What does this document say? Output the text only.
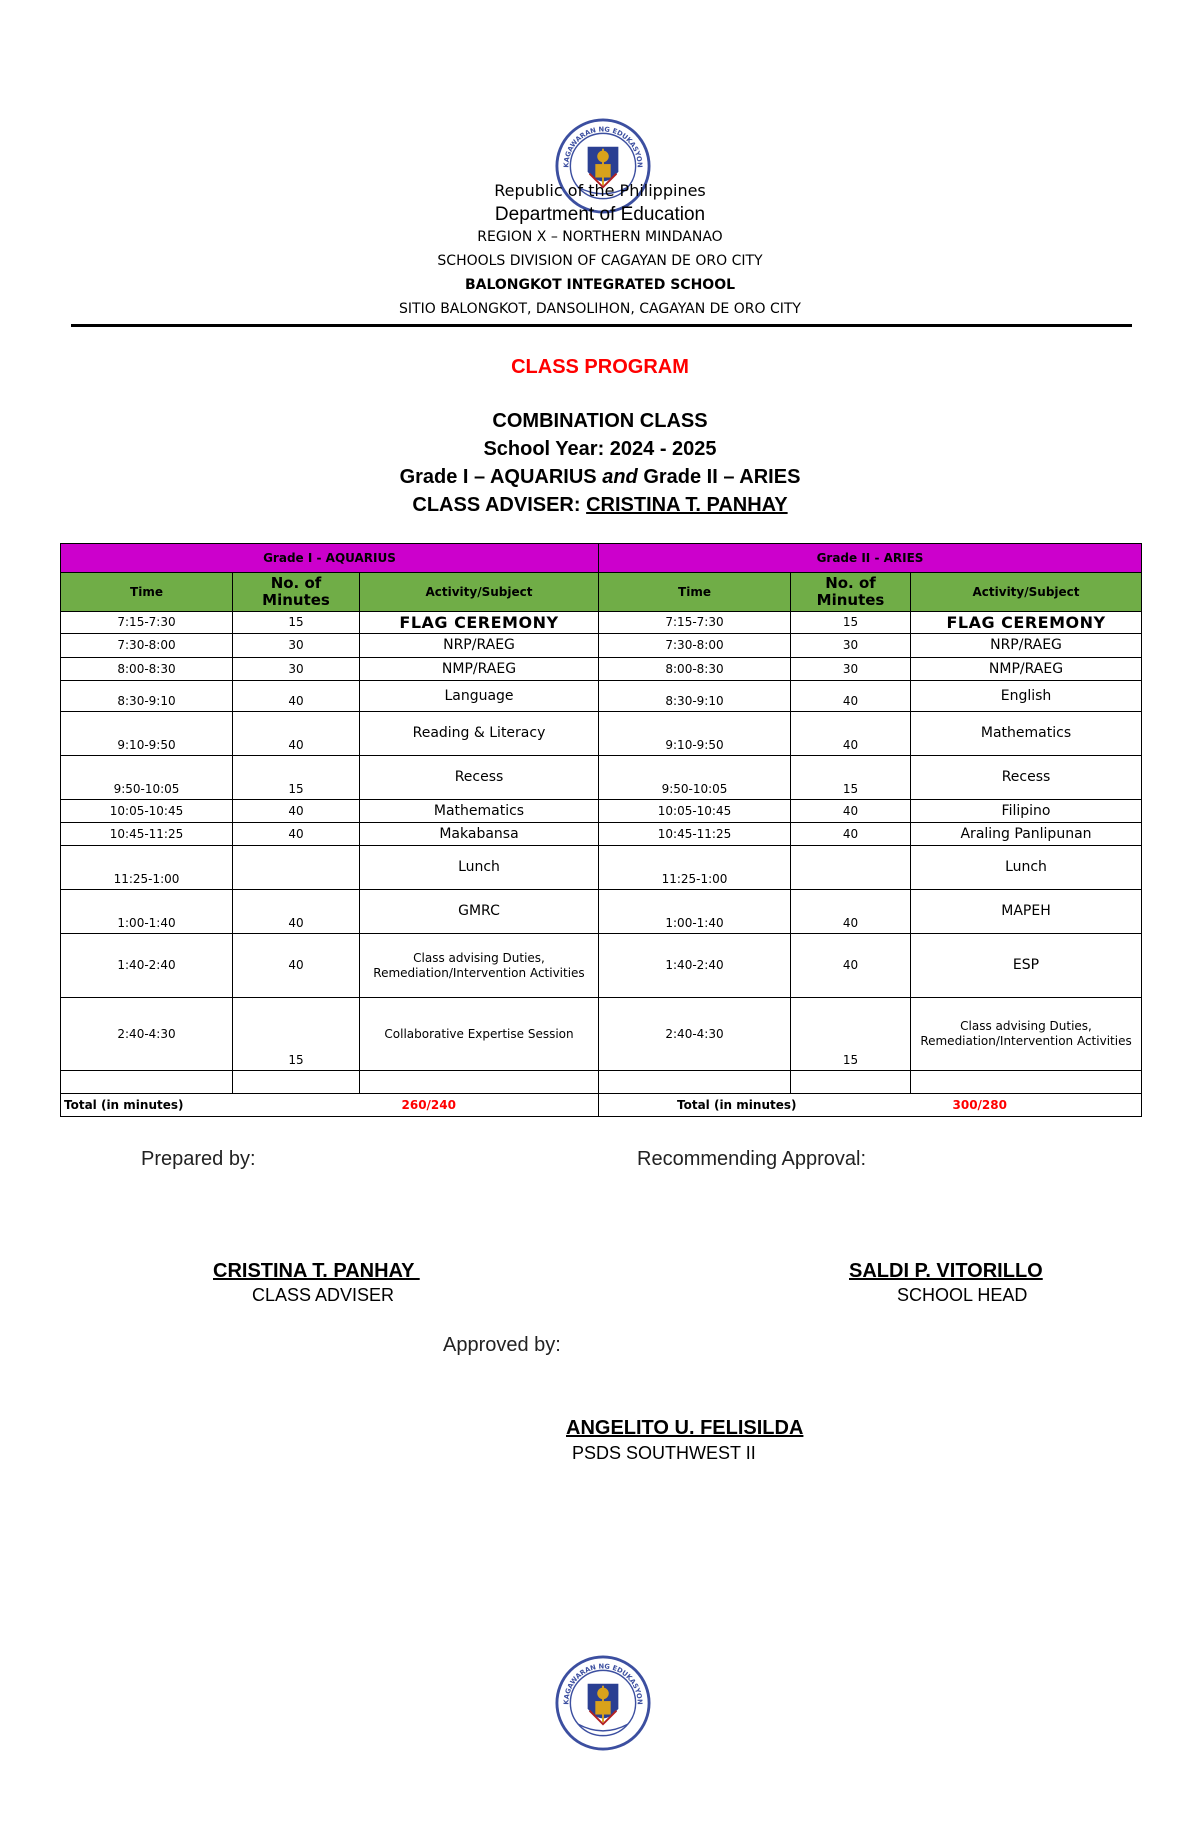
KAGAWARAN NG EDUKASYON
Republic of the Philippines
Department of Education
REGION X – NORTHERN MINDANAO
SCHOOLS DIVISION OF CAGAYAN DE ORO CITY
BALONGKOT INTEGRATED SCHOOL
SITIO BALONGKOT, DANSOLIHON, CAGAYAN DE ORO CITY
CLASS PROGRAM
COMBINATION CLASS
School Year: 2024 - 2025
Grade I – AQUARIUS and Grade II – ARIES
CLASS ADVISER: CRISTINA T. PANHAY
Grade I - AQUARIUS			Grade II - ARIES		
Time	No. of Minutes	Activity/Subject	Time	No. of Minutes	Activity/Subject
7:15-7:30	15	FLAG CEREMONY	7:15-7:30	15	FLAG CEREMONY
7:30-8:00	30	NRP/RAEG	7:30-8:00	30	NRP/RAEG
8:00-8:30	30	NMP/RAEG	8:00-8:30	30	NMP/RAEG
8:30-9:10	40	Language	8:30-9:10	40	English
9:10-9:50	40	Reading & Literacy	9:10-9:50	40	Mathematics
9:50-10:05	15	Recess	9:50-10:05	15	Recess
10:05-10:45	40	Mathematics	10:05-10:45	40	Filipino
10:45-11:25	40	Makabansa	10:45-11:25	40	Araling Panlipunan
11:25-1:00		Lunch	11:25-1:00		Lunch
1:00-1:40	40	GMRC	1:00-1:40	40	MAPEH
1:40-2:40	40	Class advising Duties, Remediation/Intervention Activities	1:40-2:40	40	ESP
2:40-4:30	15	Collaborative Expertise Session	2:40-4:30	15	Class advising Duties, Remediation/Intervention Activities

Total (in minutes)		260/240	Total (in minutes)		300/280
Prepared by:	Recommending Approval:
CRISTINA T. PANHAY
CLASS ADVISER
SALDI P. VITORILLO
SCHOOL HEAD
Approved by:
ANGELITO U. FELISILDA
PSDS SOUTHWEST II
KAGAWARAN NG EDUKASYON
